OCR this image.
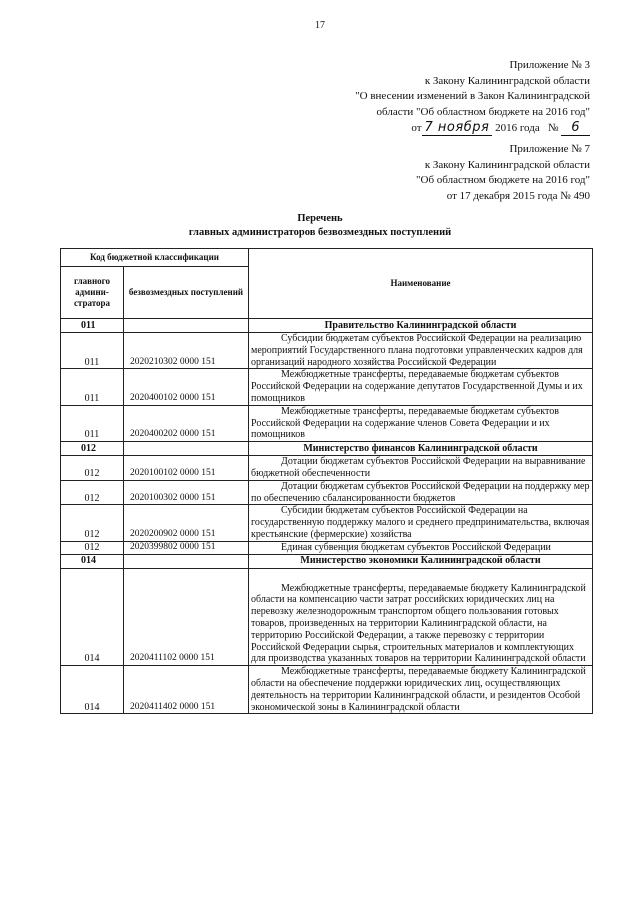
17
Приложение № 3
к Закону Калининградской области
"О внесении изменений в Закон Калининградской
области "Об областном бюджете на 2016 год"
от 7 ноября 2016 года № 6
Приложение № 7
к Закону Калининградской области
"Об областном бюджете на 2016 год"
от 17 декабря 2015 года № 490
Перечень
главных администраторов безвозмездных поступлений
Код бюджетной классификации		Наименование
главного админи-стратора	безвозмездных поступлений	
011		Правительство Калининградской области
011	2020210302 0000 151	Субсидии бюджетам субъектов Российской Федерации на реализацию мероприятий Государственного плана подготовки управленческих кадров для организаций народного хозяйства Российской Федерации
011	2020400102 0000 151	Межбюджетные трансферты, передаваемые бюджетам субъектов Российской Федерации на содержание депутатов Государственной Думы и их помощников
011	2020400202 0000 151	Межбюджетные трансферты, передаваемые бюджетам субъектов Российской Федерации на содержание членов Совета Федерации и их помощников
012		Министерство финансов Калининградской области
012	2020100102 0000 151	Дотации бюджетам субъектов Российской Федерации на выравнивание бюджетной обеспеченности
012	2020100302 0000 151	Дотации бюджетам субъектов Российской Федерации на поддержку мер по обеспечению сбалансированности бюджетов
012	2020200902 0000 151	Субсидии бюджетам субъектов Российской Федерации на государственную поддержку малого и среднего предпринимательства, включая крестьянские (фермерские) хозяйства
012	2020399802 0000 151	Единая субвенция бюджетам субъектов Российской Федерации
014		Министерство экономики Калининградской области
014	2020411102 0000 151	Межбюджетные трансферты, передаваемые бюджету Калининградской области на компенсацию части затрат российских юридических лиц на перевозку железнодорожным транспортом общего пользования готовых товаров, произведенных на территории Калининградской области, на территорию Российской Федерации, а также перевозку с территории Российской Федерации сырья, строительных материалов и комплектующих для производства указанных товаров на территории Калининградской области
014	2020411402 0000 151	Межбюджетные трансферты, передаваемые бюджету Калининградской области на обеспечение поддержки юридических лиц, осуществляющих деятельность на территории Калининградской области, и резидентов Особой экономической зоны в Калининградской области
